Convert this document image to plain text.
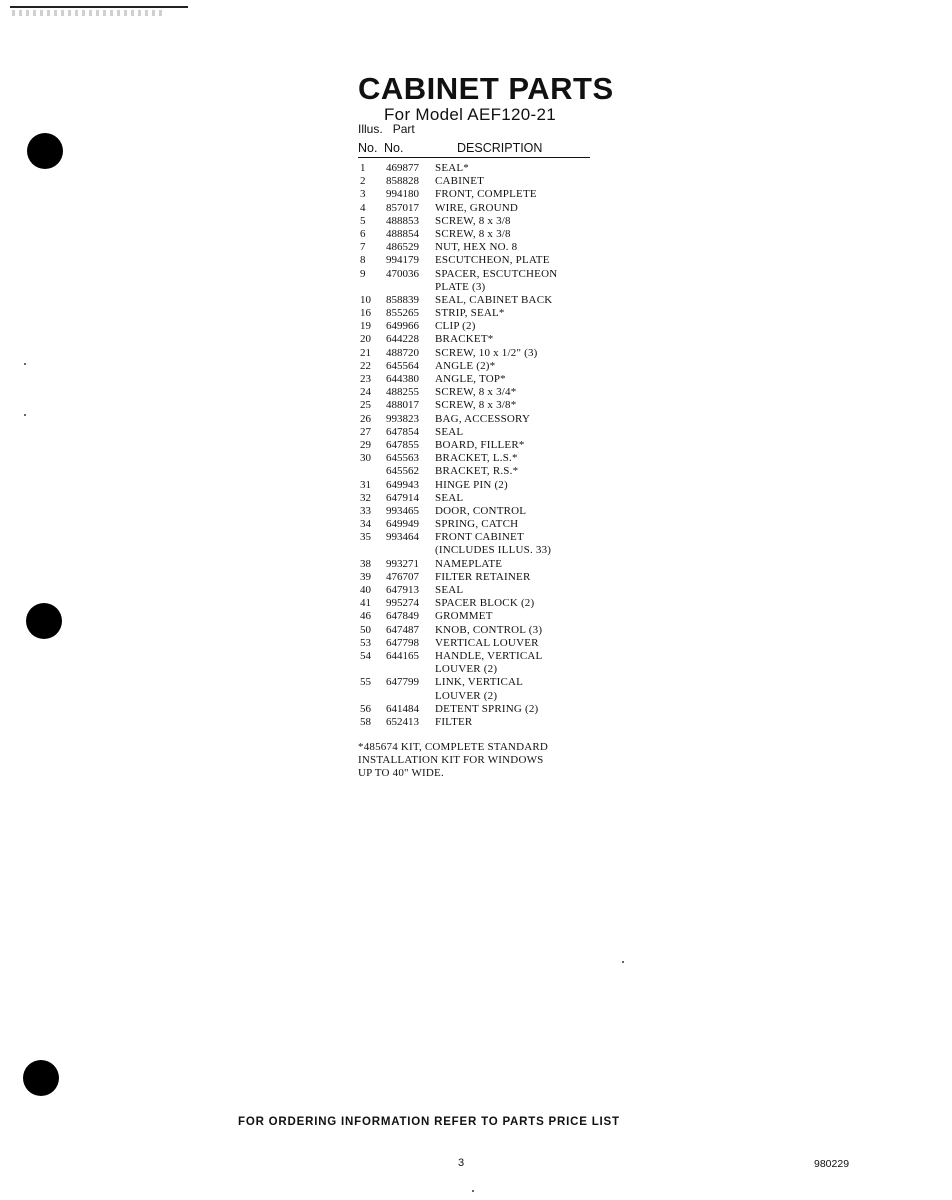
CABINET PARTS
For Model AEF120-21
Illus. Part
No. No.	DESCRIPTION

1	469877 SEAL*
2	858828 CABINET
3	994180 FRONT, COMPLETE
4	857017 WIRE, GROUND
5	488853 SCREW, 8 x 3/8
6	488854 SCREW, 8 x 3/8
7	486529 NUT, HEX NO. 8
8	994179 ESCUTCHEON, PLATE
9	470036 SPACER, ESCUTCHEON
PLATE (3)
10	858839 SEAL, CABINET BACK
16	855265 STRIP, SEAL*
19	649966 CLIP (2)
20	644228 BRACKET*
21	488720 SCREW, 10 x 1/2" (3)
22	645564 ANGLE (2)*
23	644380 ANGLE, TOP*
24	488255 SCREW, 8 x 3/4*
25	488017 SCREW, 8 x 3/8*
26	993823 BAG, ACCESSORY
27	647854 SEAL
29	647855 BOARD, FILLER*
30	645563 BRACKET, L.S.*
645562 BRACKET, R.S.*
31	649943 HINGE PIN (2)
32	647914 SEAL
33	993465 DOOR, CONTROL
34	649949 SPRING, CATCH
35	993464 FRONT CABINET
(INCLUDES ILLUS. 33)
38	993271 NAMEPLATE
39	476707 FILTER RETAINER
40	647913 SEAL
41	995274 SPACER BLOCK (2)
46	647849 GROMMET
50	647487 KNOB, CONTROL (3)
53	647798 VERTICAL LOUVER
54	644165 HANDLE, VERTICAL
LOUVER (2)
55	647799 LINK, VERTICAL
LOUVER (2)
56	641484 DETENT SPRING (2)
58	652413 FILTER
*485674 KIT, COMPLETE STANDARD
INSTALLATION KIT FOR WINDOWS
UP TO 40" WIDE.
FOR ORDERING INFORMATION REFER TO PARTS PRICE LIST
3	980229
